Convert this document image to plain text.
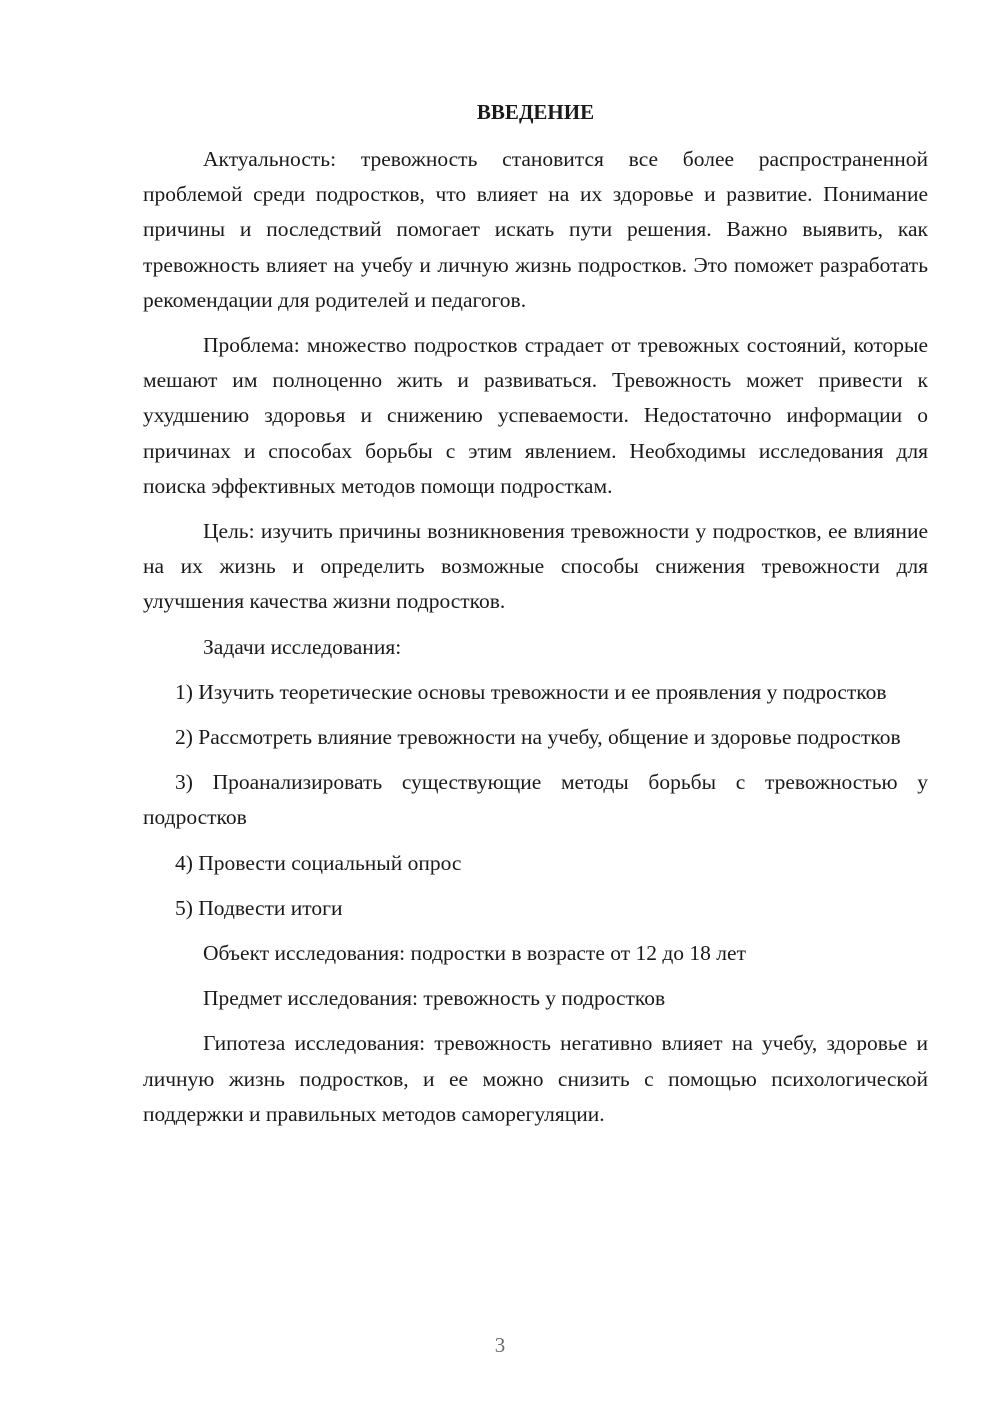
ВВЕДЕНИЕ

Актуальность: тревожность становится все более распространенной проблемой среди подростков, что влияет на их здоровье и развитие. Понимание причины и последствий помогает искать пути решения. Важно выявить, как тревожность влияет на учебу и личную жизнь подростков. Это поможет разработать рекомендации для родителей и педагогов.

Проблема: множество подростков страдает от тревожных состояний, которые мешают им полноценно жить и развиваться. Тревожность может привести к ухудшению здоровья и снижению успеваемости. Недостаточно информации о причинах и способах борьбы с этим явлением. Необходимы исследования для поиска эффективных методов помощи подросткам.

Цель: изучить причины возникновения тревожности у подростков, ее влияние на их жизнь и определить возможные способы снижения тревожности для улучшения качества жизни подростков.

Задачи исследования:

1) Изучить теоретические основы тревожности и ее проявления у подростков

2) Рассмотреть влияние тревожности на учебу, общение и здоровье подростков

3) Проанализировать существующие методы борьбы с тревожностью у подростков

4) Провести социальный опрос

5) Подвести итоги

Объект исследования: подростки в возрасте от 12 до 18 лет

Предмет исследования: тревожность у подростков

Гипотеза исследования: тревожность негативно влияет на учебу, здоровье и личную жизнь подростков, и ее можно снизить с помощью психологической поддержки и правильных методов саморегуляции.

3
